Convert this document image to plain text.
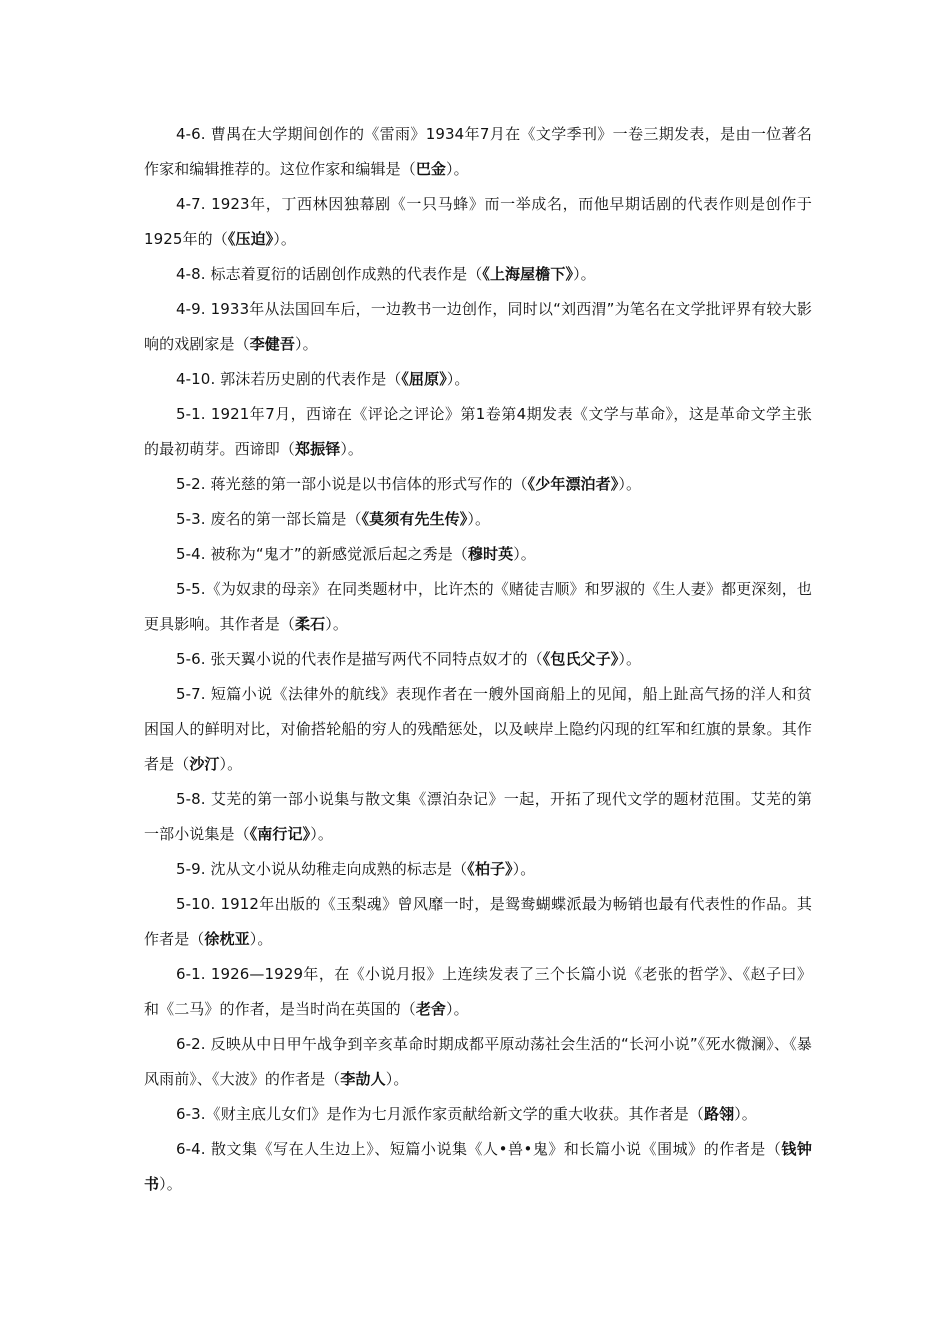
4-6. 曹禺在大学期间创作的《雷雨》1934年7月在《文学季刊》一卷三期发表，是由一位著名作家和编辑推荐的。这位作家和编辑是（巴金）。

4-7. 1923年，丁西林因独幕剧《一只马蜂》而一举成名，而他早期话剧的代表作则是创作于1925年的（《压迫》）。

4-8. 标志着夏衍的话剧创作成熟的代表作是（《上海屋檐下》）。

4-9. 1933年从法国回车后，一边教书一边创作，同时以“刘西渭”为笔名在文学批评界有较大影响的戏剧家是（李健吾）。

4-10. 郭沫若历史剧的代表作是（《屈原》）。

5-1. 1921年7月，西谛在《评论之评论》第1卷第4期发表《文学与革命》，这是革命文学主张的最初萌芽。西谛即（郑振铎）。

5-2. 蒋光慈的第一部小说是以书信体的形式写作的（《少年漂泊者》）。

5-3. 废名的第一部长篇是（《莫须有先生传》）。

5-4. 被称为“鬼才”的新感觉派后起之秀是（穆时英）。

5-5.《为奴隶的母亲》在同类题材中，比许杰的《赌徒吉顺》和罗淑的《生人妻》都更深刻，也更具影响。其作者是（柔石）。

5-6. 张天翼小说的代表作是描写两代不同特点奴才的（《包氏父子》）。

5-7. 短篇小说《法律外的航线》表现作者在一艘外国商船上的见闻，船上趾高气扬的洋人和贫困国人的鲜明对比，对偷搭轮船的穷人的残酷惩处，以及峡岸上隐约闪现的红军和红旗的景象。其作者是（沙汀）。

5-8. 艾芜的第一部小说集与散文集《漂泊杂记》一起，开拓了现代文学的题材范围。艾芜的第一部小说集是（《南行记》）。

5-9. 沈从文小说从幼稚走向成熟的标志是（《柏子》）。

5-10. 1912年出版的《玉梨魂》曾风靡一时，是鸳鸯蝴蝶派最为畅销也最有代表性的作品。其作者是（徐枕亚）。

6-1. 1926—1929年，在《小说月报》上连续发表了三个长篇小说《老张的哲学》、《赵子曰》和《二马》的作者，是当时尚在英国的（老舍）。

6-2. 反映从中日甲午战争到辛亥革命时期成都平原动荡社会生活的“长河小说”《死水微澜》、《暴风雨前》、《大波》的作者是（李劼人）。

6-3.《财主底儿女们》是作为七月派作家贡献给新文学的重大收获。其作者是（路翎）。

6-4. 散文集《写在人生边上》、短篇小说集《人•兽•鬼》和长篇小说《围城》的作者是（钱钟书）。
